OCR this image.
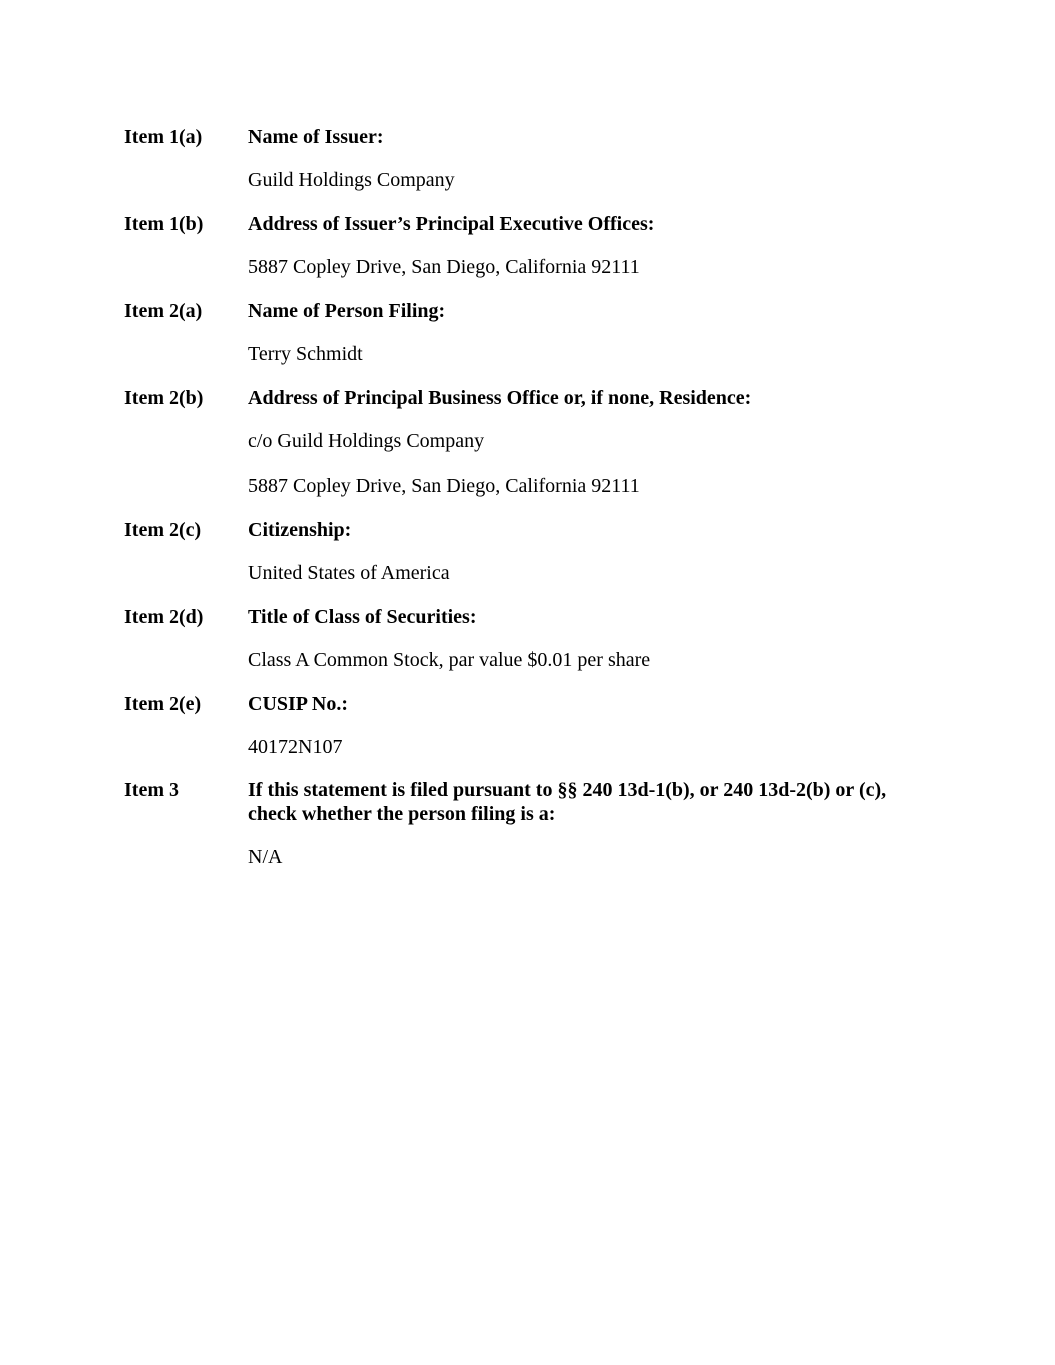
Item 1(a) Name of Issuer:
Guild Holdings Company
Item 1(b) Address of Issuer’s Principal Executive Offices:
5887 Copley Drive, San Diego, California 92111
Item 2(a) Name of Person Filing:
Terry Schmidt
Item 2(b) Address of Principal Business Office or, if none, Residence:
c/o Guild Holdings Company
5887 Copley Drive, San Diego, California 92111
Item 2(c) Citizenship:
United States of America
Item 2(d) Title of Class of Securities:
Class A Common Stock, par value $0.01 per share
Item 2(e) CUSIP No.:
40172N107
Item 3	If this statement is filed pursuant to §§ 240 13d-1(b), or 240 13d-2(b) or (c), check whether the person filing is a:
N/A
